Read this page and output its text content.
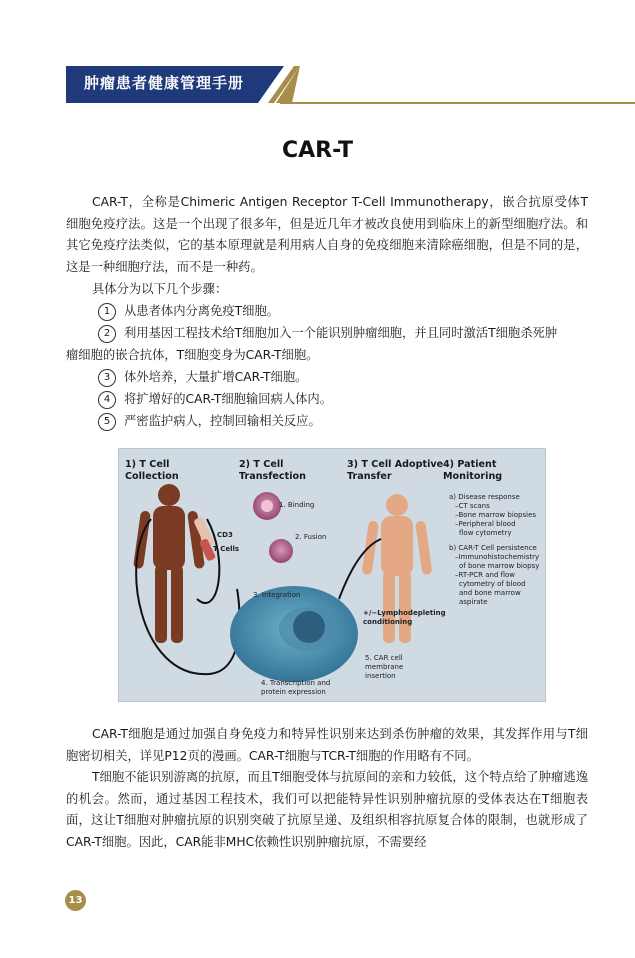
肿瘤患者健康管理手册
CAR-T

CAR-T，全称是Chimeric Antigen Receptor T-Cell Immunotherapy，嵌合抗原受体T细胞免疫疗法。这是一个出现了很多年，但是近几年才被改良使用到临床上的新型细胞疗法。和其它免疫疗法类似，它的基本原理就是利用病人自身的免疫细胞来清除癌细胞，但是不同的是，这是一种细胞疗法，而不是一种药。

具体分为以下几个步骤：
1 从患者体内分离免疫T细胞。
2 利用基因工程技术给T细胞加入一个能识别肿瘤细胞，并且同时激活T细胞杀死肿
瘤细胞的嵌合抗体，T细胞变身为CAR-T细胞。
3 体外培养，大量扩增CAR-T细胞。
4 将扩增好的CAR-T细胞输回病人体内。
5 严密监护病人，控制回输相关反应。
1) T Cell
Collection
2) T Cell
Transfection
3) T Cell Adoptive
Transfer
4) Patient
Monitoring
1. Binding
2. Fusion
3. Integration
CD3
T Cells
4. Transcription and
protein expression
5. CAR cell
membrane
insertion
+/−Lymphodepleting
conditioning
a) Disease response
–CT scans
–Bone marrow biopsies
–Peripheral blood
flow cytometry
b) CAR-T Cell persistence
–Immunohistochemistry
of bone marrow biopsy
–RT-PCR and flow
cytometry of blood
and bone marrow
aspirate

CAR-T细胞是通过加强自身免疫力和特异性识别来达到杀伤肿瘤的效果，其发挥作用与T细胞密切相关，详见P12页的漫画。CAR-T细胞与TCR-T细胞的作用略有不同。

T细胞不能识别游离的抗原，而且T细胞受体与抗原间的亲和力较低，这个特点给了肿瘤逃逸的机会。然而，通过基因工程技术，我们可以把能特异性识别肿瘤抗原的受体表达在T细胞表面，这让T细胞对肿瘤抗原的识别突破了抗原呈递、及组织相容抗原复合体的限制，也就形成了CAR-T细胞。因此，CAR能非MHC依赖性识别肿瘤抗原，不需要经

13
